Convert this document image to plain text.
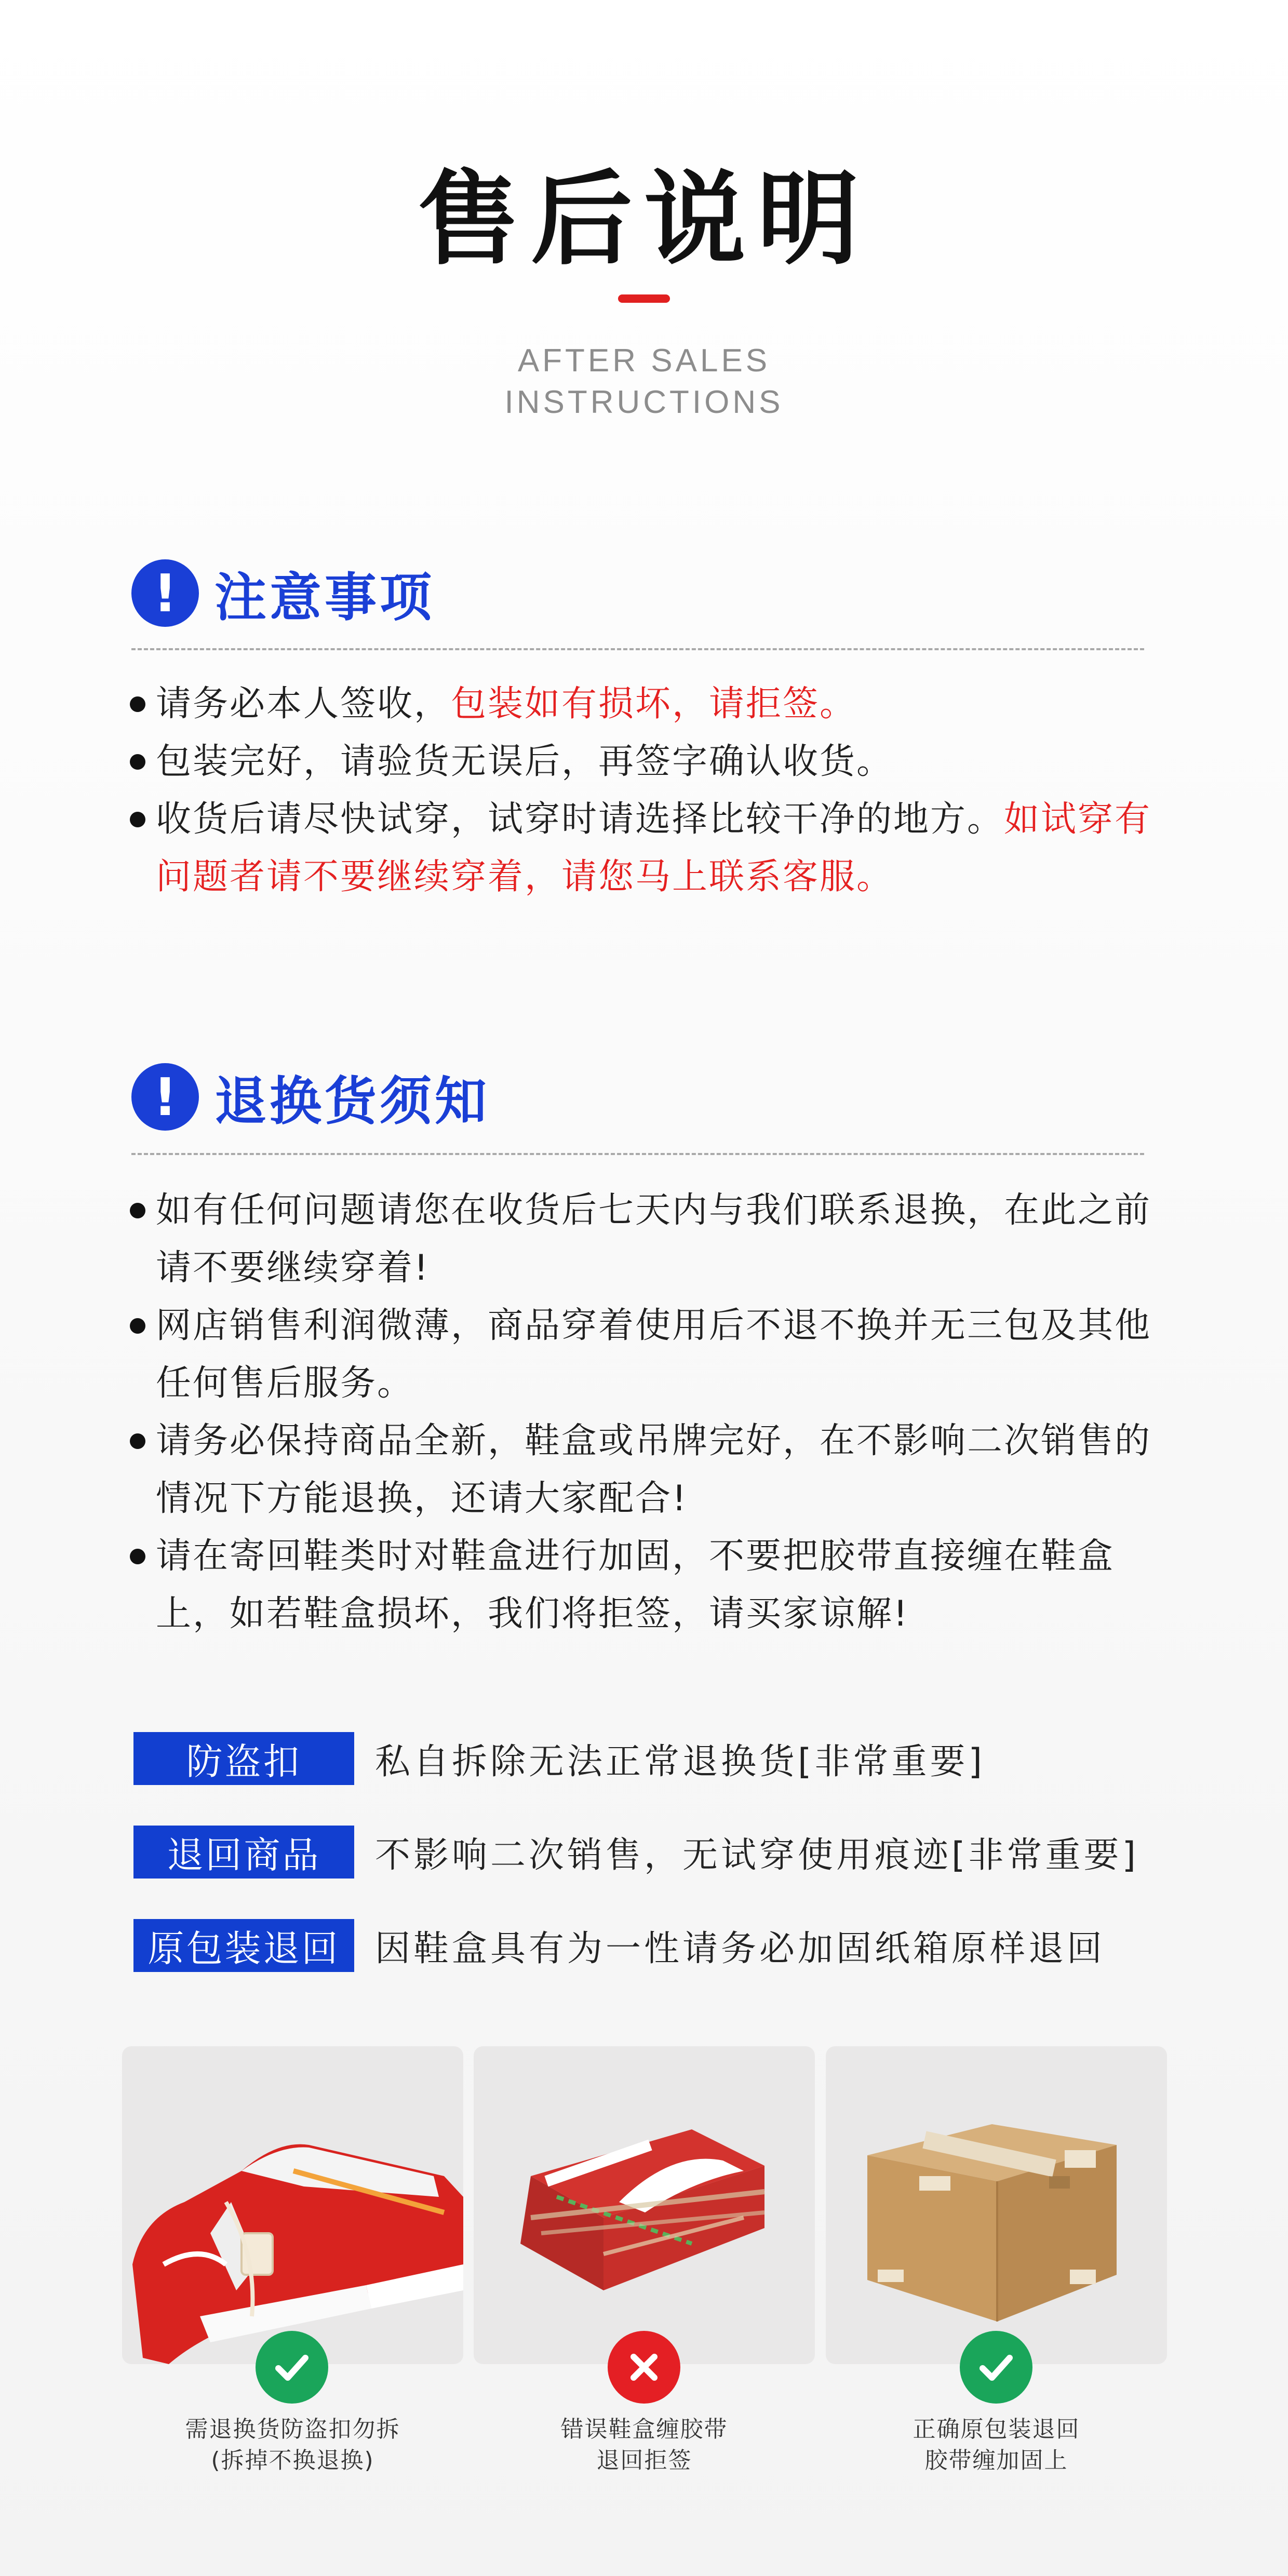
售后说明
AFTER SALES
INSTRUCTIONS
! 注意事项
请务必本人签收，包装如有损坏，请拒签。
包装完好，请验货无误后，再签字确认收货。
收货后请尽快试穿，试穿时请选择比较干净的地方。如试穿有问题者请不要继续穿着，请您马上联系客服。
! 退换货须知
如有任何问题请您在收货后七天内与我们联系退换，在此之前请不要继续穿着!
网店销售利润微薄，商品穿着使用后不退不换并无三包及其他任何售后服务。
请务必保持商品全新，鞋盒或吊牌完好，在不影响二次销售的情况下方能退换，还请大家配合!
请在寄回鞋类时对鞋盒进行加固，不要把胶带直接缠在鞋盒上，如若鞋盒损坏，我们将拒签，请买家谅解!
防盗扣	私自拆除无法正常退换货[非常重要]
退回商品	不影响二次销售，无试穿使用痕迹[非常重要]
原包装退回 因鞋盒具有为一性请务必加固纸箱原样退回
需退换货防盗扣勿拆
(拆掉不换退换)
错误鞋盒缠胶带
退回拒签
正确原包装退回
胶带缠加固上
